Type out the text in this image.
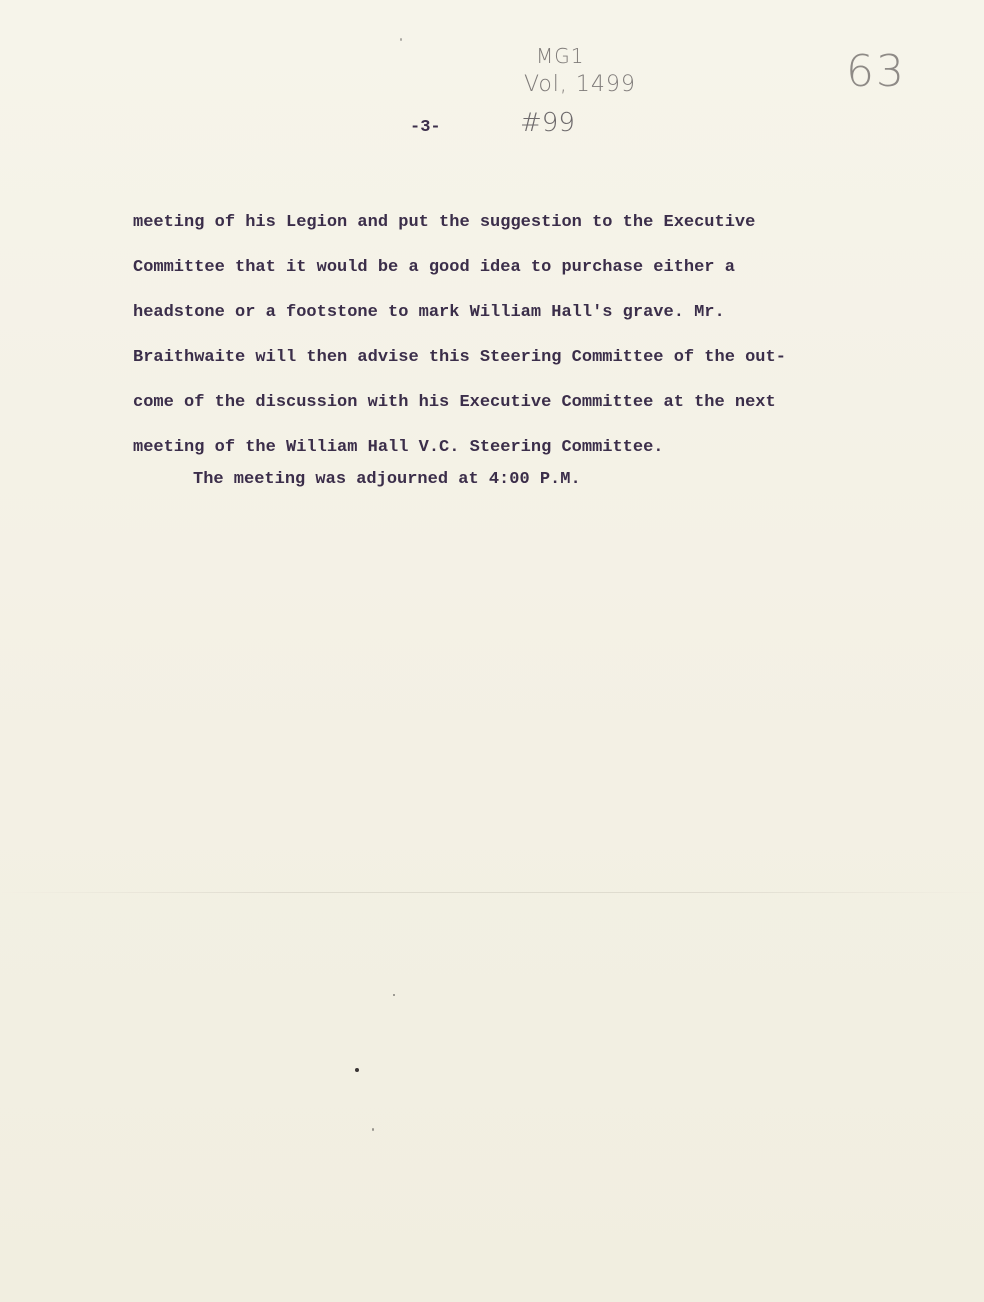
MG1
Vol, 1499
#99
63
-3-
meeting of his Legion and put the suggestion to the Executive
Committee that it would be a good idea to purchase either a
headstone or a footstone to mark William Hall's grave. Mr.
Braithwaite will then advise this Steering Committee of the out-
come of the discussion with his Executive Committee at the next
meeting of the William Hall V.C. Steering Committee.
The meeting was adjourned at 4:00 P.M.
